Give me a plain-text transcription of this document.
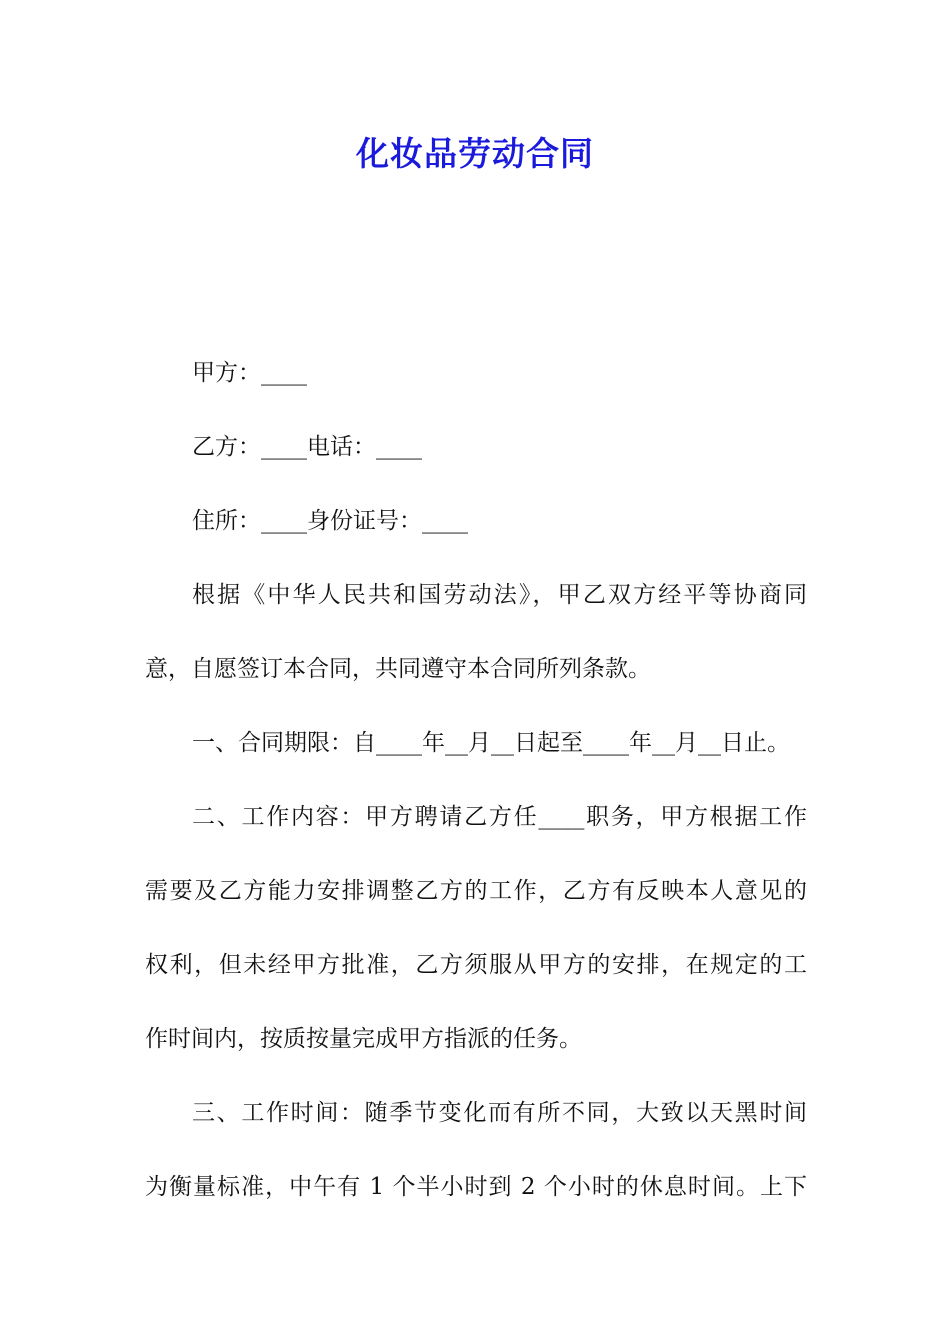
化妆品劳动合同
甲方：____
乙方：____电话：____
住所：____身份证号：____
根据《中华人民共和国劳动法》，甲乙双方经平等协商同
意，自愿签订本合同，共同遵守本合同所列条款。
一、合同期限：自____年__月__日起至____年__月__日止。
二、工作内容：甲方聘请乙方任____职务，甲方根据工作
需要及乙方能力安排调整乙方的工作，乙方有反映本人意见的
权利，但未经甲方批准，乙方须服从甲方的安排，在规定的工
作时间内，按质按量完成甲方指派的任务。
三、工作时间：随季节变化而有所不同，大致以天黑时间
为衡量标准，中午有 1 个半小时到 2 个小时的休息时间。上下
